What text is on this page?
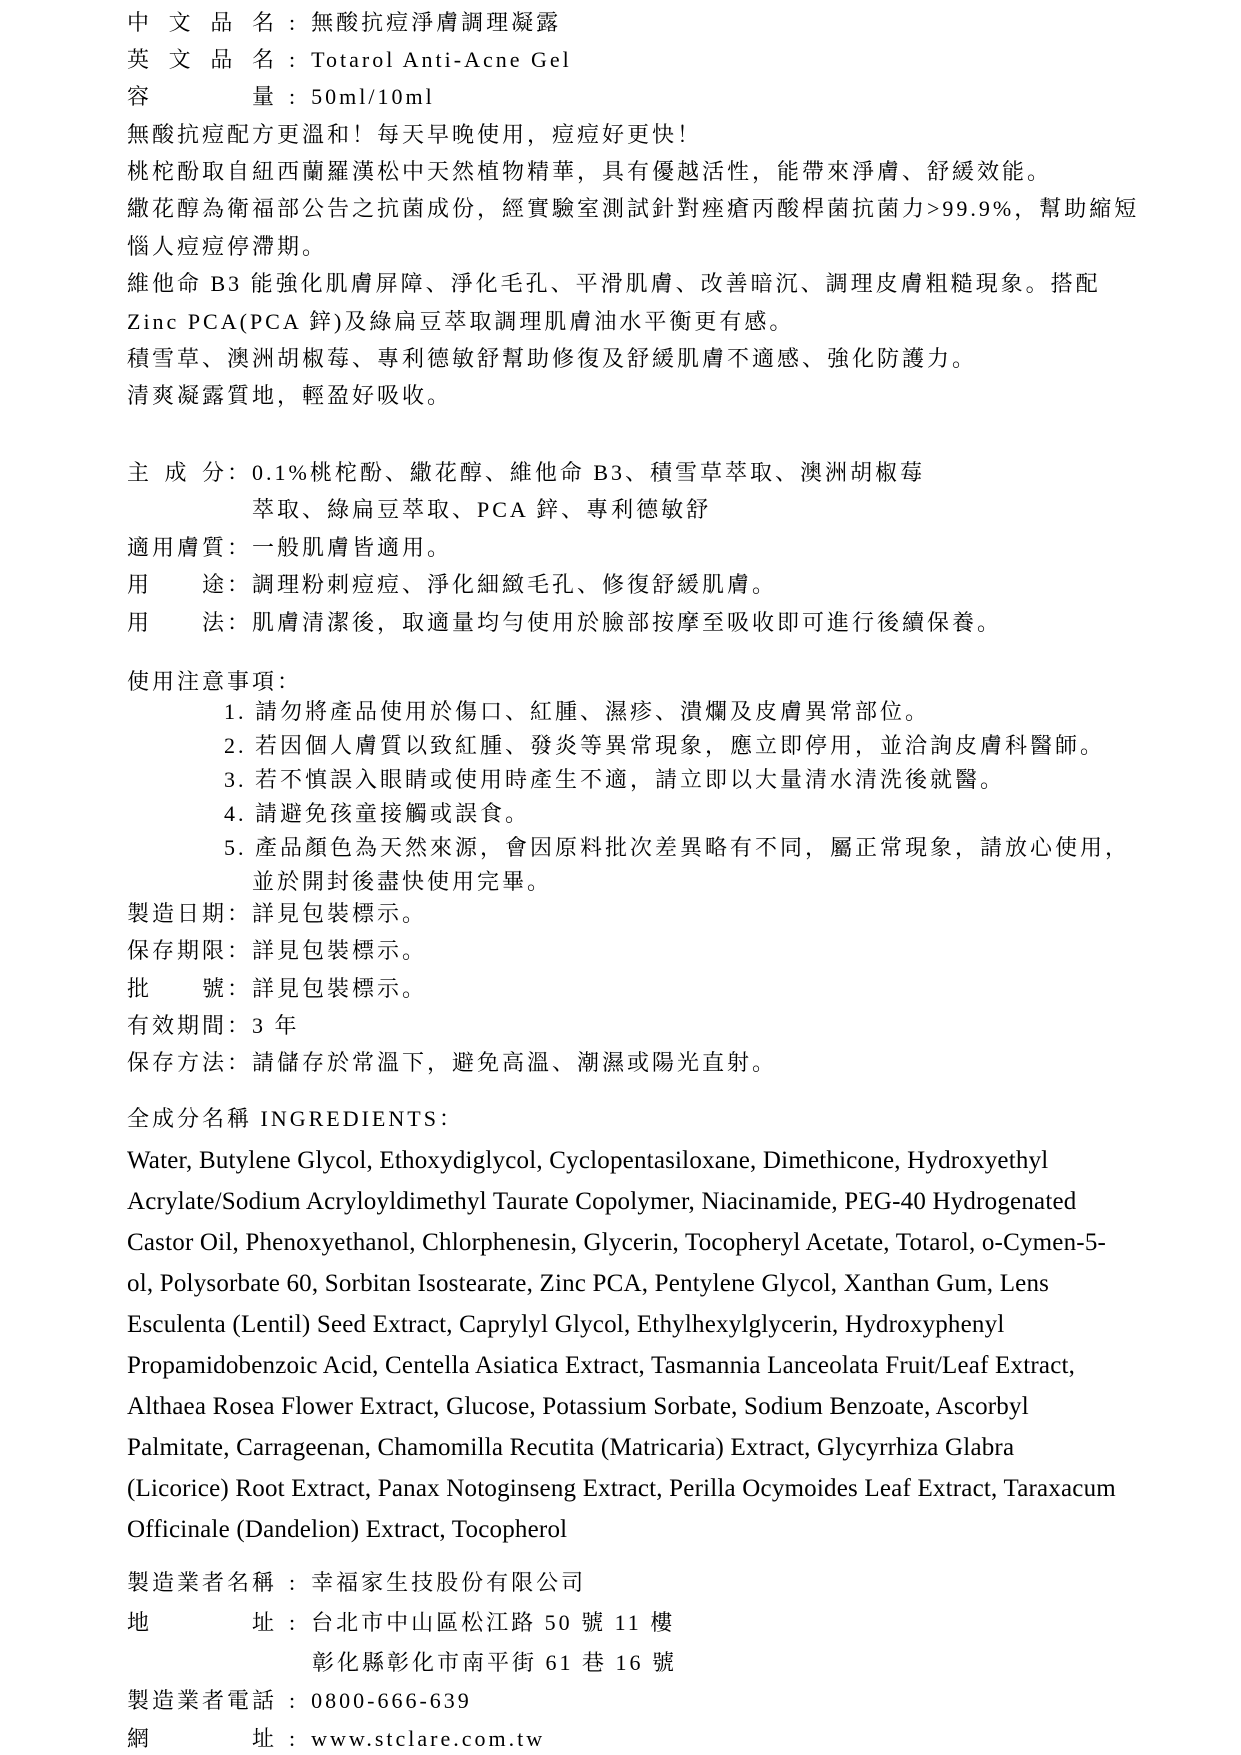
中文品名 : 無酸抗痘淨膚調理凝露
英文品名 : Totarol Anti-Acne Gel
容量 : 50ml/10ml
無酸抗痘配方更溫和！每天早晚使用，痘痘好更快！
桃柁酚取自紐西蘭羅漢松中天然植物精華，具有優越活性，能帶來淨膚、舒緩效能。
繖花醇為衛福部公告之抗菌成份，經實驗室測試針對痤瘡丙酸桿菌抗菌力>99.9%，幫助縮短
惱人痘痘停滯期。
維他命 B3 能強化肌膚屏障、淨化毛孔、平滑肌膚、改善暗沉、調理皮膚粗糙現象。搭配
Zinc PCA(PCA 鋅)及綠扁豆萃取調理肌膚油水平衡更有感。
積雪草、澳洲胡椒莓、專利德敏舒幫助修復及舒緩肌膚不適感、強化防護力。
清爽凝露質地，輕盈好吸收。
主成分：0.1%桃柁酚、繖花醇、維他命 B3、積雪草萃取、澳洲胡椒莓
萃取、綠扁豆萃取、PCA 鋅、專利德敏舒
適用膚質：一般肌膚皆適用。
用途：調理粉刺痘痘、淨化細緻毛孔、修復舒緩肌膚。
用法：肌膚清潔後，取適量均勻使用於臉部按摩至吸收即可進行後續保養。
使用注意事項：
1. 請勿將產品使用於傷口、紅腫、濕疹、潰爛及皮膚異常部位。
2. 若因個人膚質以致紅腫、發炎等異常現象，應立即停用，並洽詢皮膚科醫師。
3. 若不慎誤入眼睛或使用時產生不適，請立即以大量清水清洗後就醫。
4. 請避免孩童接觸或誤食。
5. 產品顏色為天然來源，會因原料批次差異略有不同，屬正常現象，請放心使用，
並於開封後盡快使用完畢。
製造日期：詳見包裝標示。
保存期限：詳見包裝標示。
批號：詳見包裝標示。
有效期間：3 年
保存方法：請儲存於常溫下，避免高溫、潮濕或陽光直射。
全成分名稱 INGREDIENTS：
Water, Butylene Glycol, Ethoxydiglycol, Cyclopentasiloxane, Dimethicone, Hydroxyethyl
Acrylate/Sodium Acryloyldimethyl Taurate Copolymer, Niacinamide, PEG-40 Hydrogenated
Castor Oil, Phenoxyethanol, Chlorphenesin, Glycerin, Tocopheryl Acetate, Totarol, o-Cymen-5-
ol, Polysorbate 60, Sorbitan Isostearate, Zinc PCA, Pentylene Glycol, Xanthan Gum, Lens
Esculenta (Lentil) Seed Extract, Caprylyl Glycol, Ethylhexylglycerin, Hydroxyphenyl
Propamidobenzoic Acid, Centella Asiatica Extract, Tasmannia Lanceolata Fruit/Leaf Extract,
Althaea Rosea Flower Extract, Glucose, Potassium Sorbate, Sodium Benzoate, Ascorbyl
Palmitate, Carrageenan, Chamomilla Recutita (Matricaria) Extract, Glycyrrhiza Glabra
(Licorice) Root Extract, Panax Notoginseng Extract, Perilla Ocymoides Leaf Extract, Taraxacum
Officinale (Dandelion) Extract, Tocopherol
製造業者名稱 : 幸福家生技股份有限公司
地址 : 台北市中山區松江路 50 號 11 樓
彰化縣彰化市南平街 61 巷 16 號
製造業者電話 : 0800-666-639
網址 : www.stclare.com.tw
